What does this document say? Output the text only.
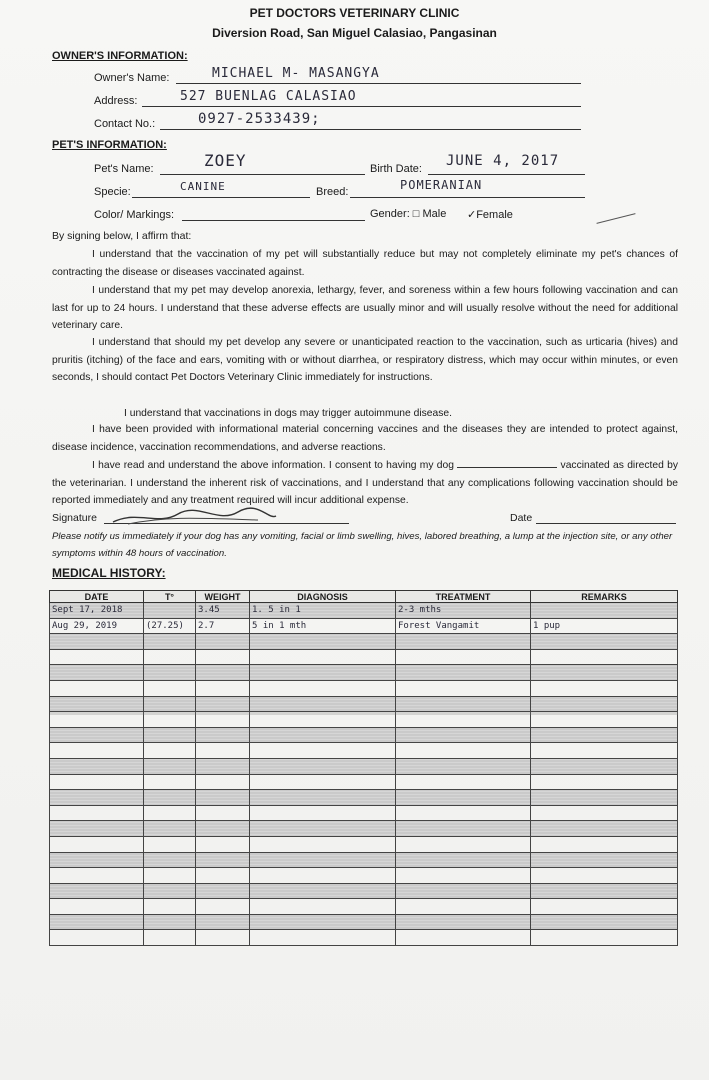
PET DOCTORS VETERINARY CLINIC
Diversion Road, San Miguel Calasiao, Pangasinan
OWNER'S INFORMATION:
Owner's Name:	MICHAEL M- MASANGYA
Address:	527 BUENLAG CALASIAO
Contact No.:	0927-2533439;
PET'S INFORMATION:
Pet's Name:	ZOEY	Birth Date: JUNE 4, 2017
Specie:	CANINE	Breed:	POMERANIAN
Color/ Markings:	Gender: □ Male ✓Female
By signing below, I affirm that:
I understand that the vaccination of my pet will substantially reduce but may not completely eliminate my pet's chances of contracting the disease or diseases vaccinated against.
I understand that my pet may develop anorexia, lethargy, fever, and soreness within a few hours following vaccination and can last for up to 24 hours. I understand that these adverse effects are usually minor and will usually resolve without the need for additional veterinary care.
I understand that should my pet develop any severe or unanticipated reaction to the vaccination, such as urticaria (hives) and pruritis (itching) of the face and ears, vomiting with or without diarrhea, or respiratory distress, which may occur within minutes, or even seconds, I should contact Pet Doctors Veterinary Clinic immediately for instructions.
I understand that vaccinations in dogs may trigger autoimmune disease.
I have been provided with informational material concerning vaccines and the diseases they are intended to protect against, disease incidence, vaccination recommendations, and adverse reactions.
I have read and understand the above information. I consent to having my dog	vaccinated as directed by the veterinarian. I understand the inherent risk of vaccinations, and I understand that any complications following vaccination should be reported immediately and any treatment required will incur additional expense.
Signature	Date
Please notify us immediately if your dog has any vomiting, facial or limb swelling, hives, labored breathing, a lump at the injection site, or any other symptoms within 48 hours of vaccination.
MEDICAL HISTORY:
DATE	T°	WEIGHT	DIAGNOSIS	TREATMENT	REMARKS
Sept 17, 2018		3.45	1. 5 in 1	2-3 mths	
Aug 29, 2019	(27.25)	2.7	5 in 1 mth	Forest Vangamit	1 pup
